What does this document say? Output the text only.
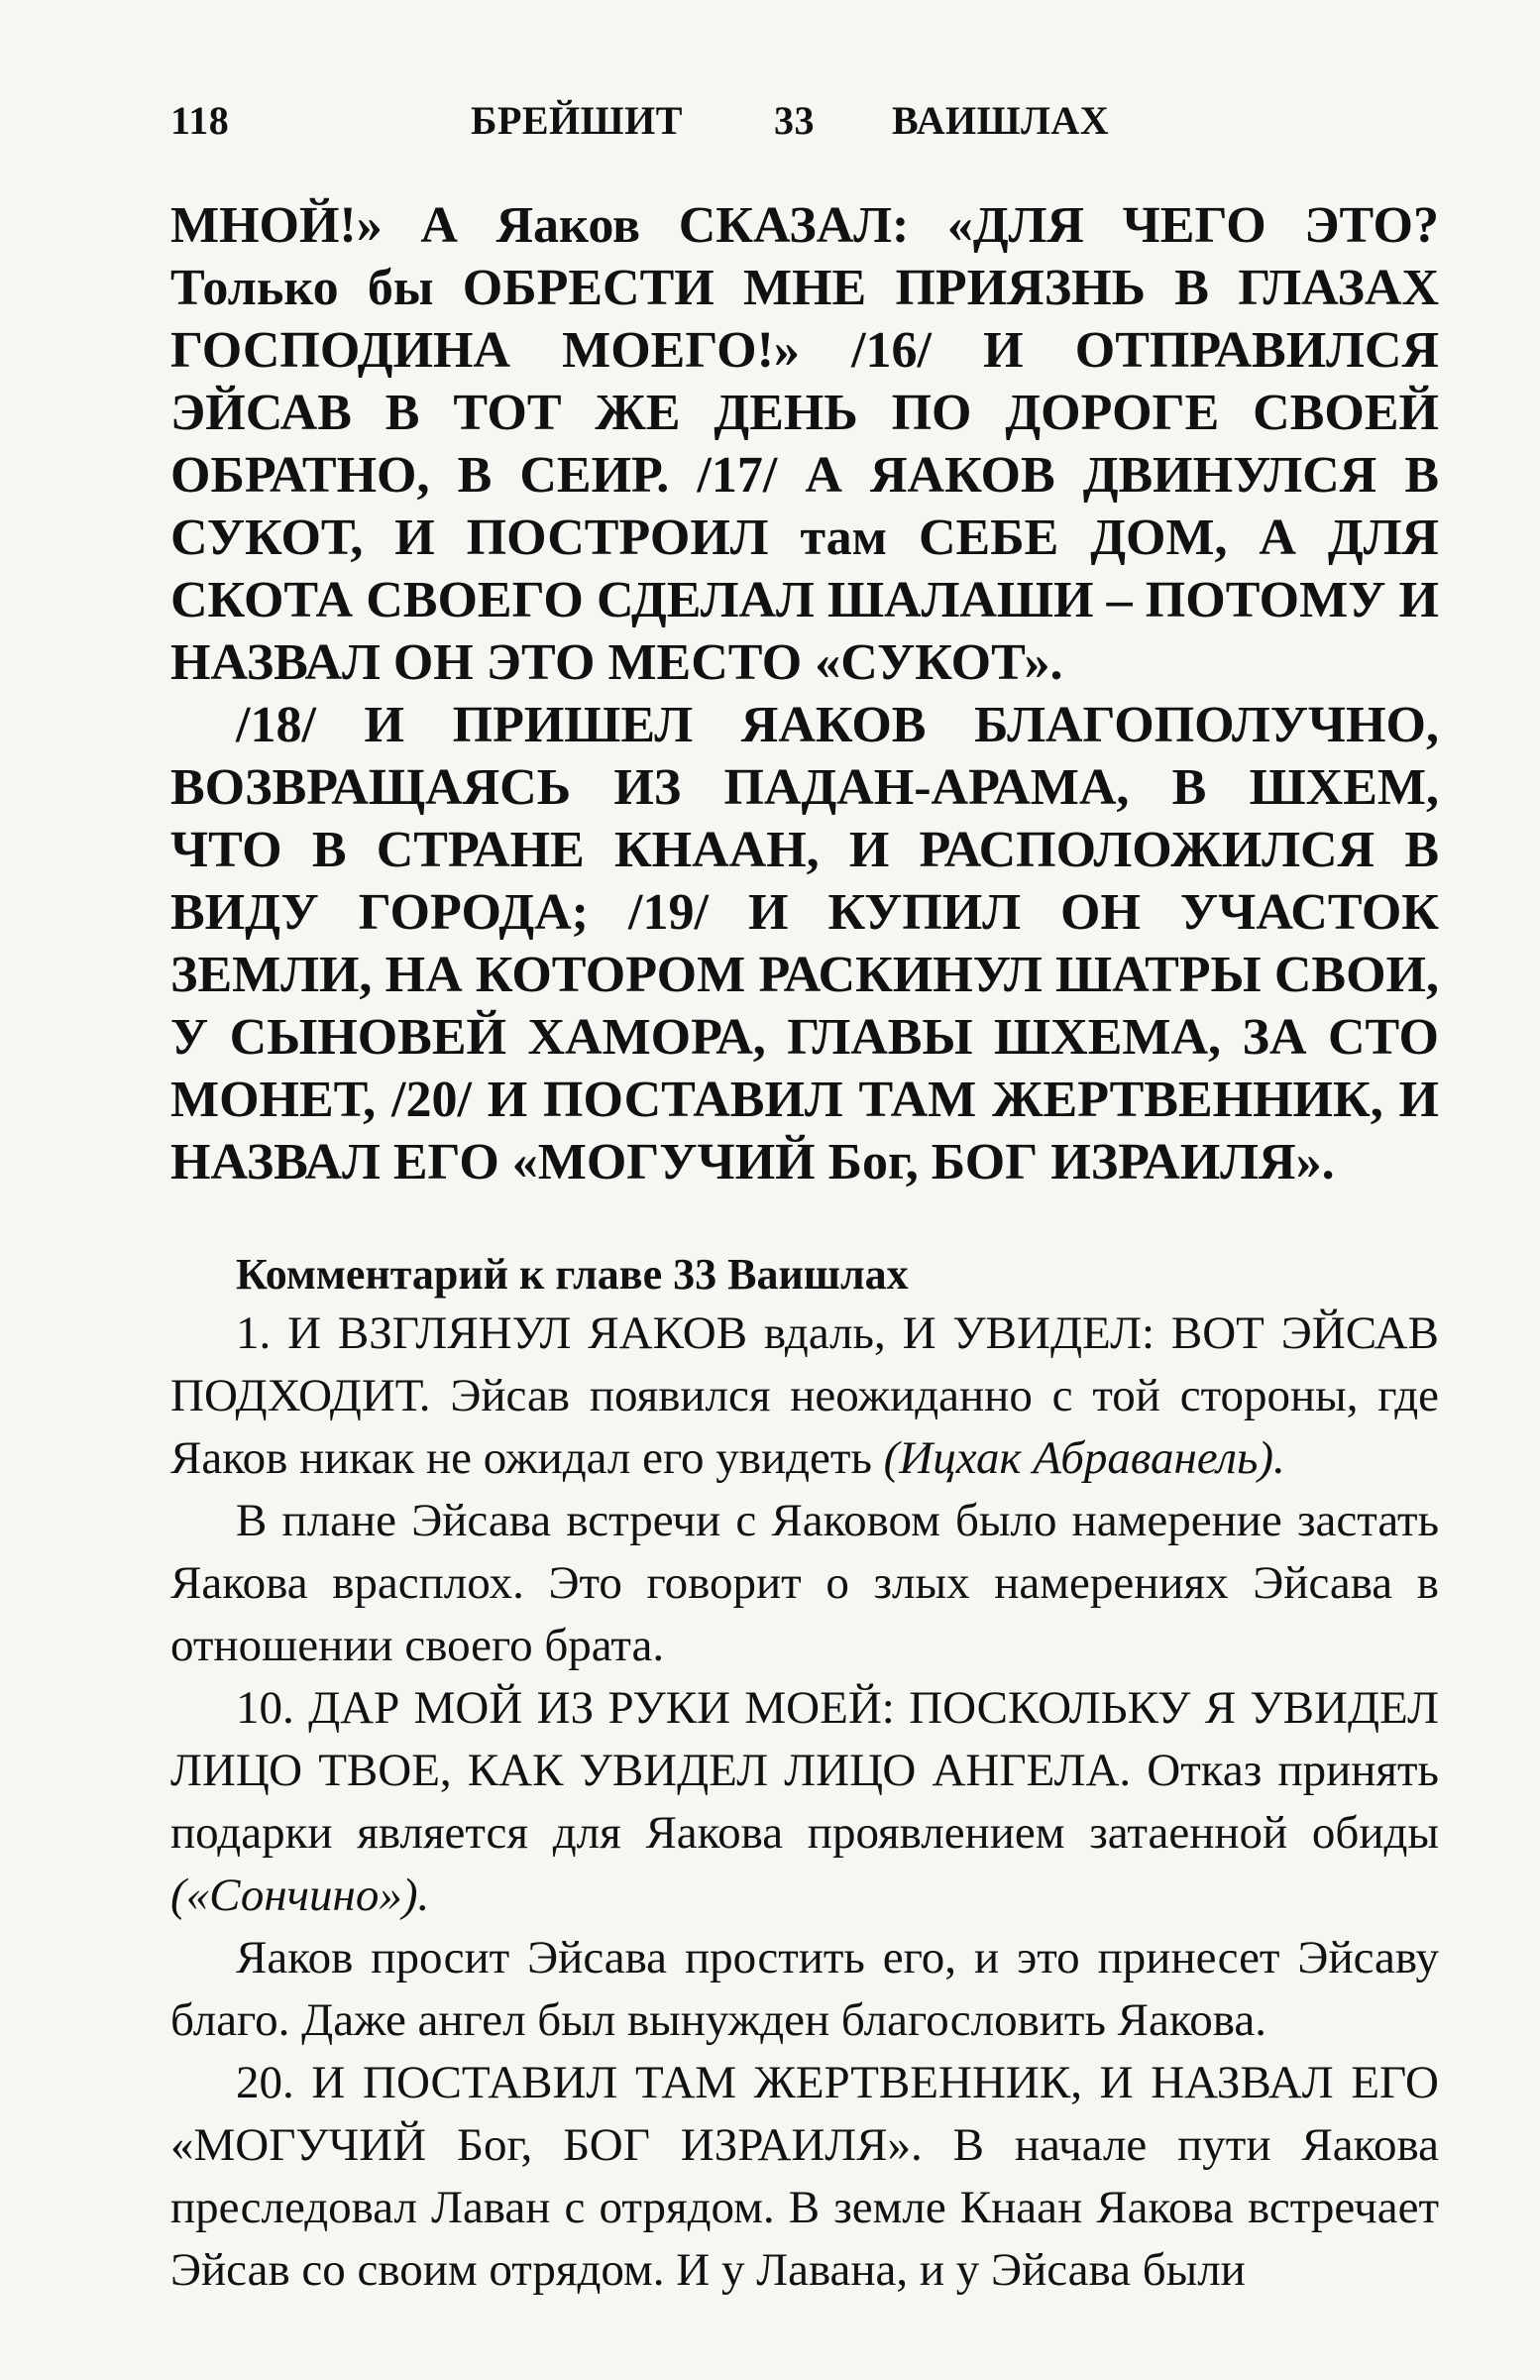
118	БРЕЙШИТ 33 ВАИШЛАХ

МНОЙ!» А Яаков СКАЗАЛ: «ДЛЯ ЧЕГО ЭТО? Только бы ОБРЕСТИ МНЕ ПРИЯЗНЬ В ГЛАЗАХ ГОСПОДИНА МОЕГО!» /16/ И ОТПРАВИЛСЯ ЭЙСАВ В ТОТ ЖЕ ДЕНЬ ПО ДОРОГЕ СВОЕЙ ОБРАТНО, В СЕИР. /17/ А ЯАКОВ ДВИНУЛСЯ В СУКОТ, И ПОСТРОИЛ там СЕБЕ ДОМ, А ДЛЯ СКОТА СВОЕГО СДЕЛАЛ ШАЛАШИ – ПОТОМУ И НАЗВАЛ ОН ЭТО МЕСТО «СУКОТ».

/18/ И ПРИШЕЛ ЯАКОВ БЛАГОПОЛУЧНО, ВОЗВРАЩАЯСЬ ИЗ ПАДАН-АРАМА, В ШХЕМ, ЧТО В СТРАНЕ КНААН, И РАСПОЛОЖИЛСЯ В ВИДУ ГОРОДА; /19/ И КУПИЛ ОН УЧАСТОК ЗЕМЛИ, НА КОТОРОМ РАСКИНУЛ ШАТРЫ СВОИ, У СЫНОВЕЙ ХАМОРА, ГЛАВЫ ШХЕМА, ЗА СТО МОНЕТ, /20/ И ПОСТАВИЛ ТАМ ЖЕРТВЕННИК, И НАЗВАЛ ЕГО «МОГУЧИЙ Бог, БОГ ИЗРАИЛЯ».

Комментарий к главе 33 Ваишлах

1. И ВЗГЛЯНУЛ ЯАКОВ вдаль, И УВИДЕЛ: ВОТ ЭЙСАВ ПОДХОДИТ. Эйсав появился неожиданно с той стороны, где Яаков никак не ожидал его увидеть (Ицхак Абраванель).

В плане Эйсава встречи с Яаковом было намерение застать Яакова врасплох. Это говорит о злых намерениях Эйсава в отношении своего брата.

10. ДАР МОЙ ИЗ РУКИ МОЕЙ: ПОСКОЛЬКУ Я УВИДЕЛ ЛИЦО ТВОЕ, КАК УВИДЕЛ ЛИЦО АНГЕЛА. Отказ принять подарки является для Яакова проявлением затаенной обиды («Сончино»).

Яаков просит Эйсава простить его, и это принесет Эйсаву благо. Даже ангел был вынужден благословить Яакова.

20. И ПОСТАВИЛ ТАМ ЖЕРТВЕННИК, И НАЗВАЛ ЕГО «МОГУЧИЙ Бог, БОГ ИЗРАИЛЯ». В начале пути Яакова преследовал Лаван с отрядом. В земле Кнаан Яакова встречает Эйсав со своим отрядом. И у Лавана, и у Эйсава были
